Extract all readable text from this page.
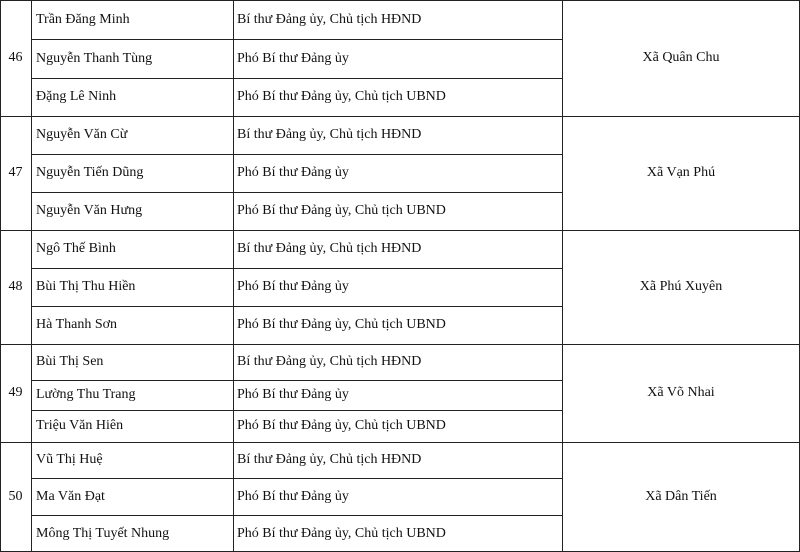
46	Xã Quân Chu
Trần Đăng Minh	Bí thư Đảng ủy, Chủ tịch HĐND
Nguyễn Thanh Tùng	Phó Bí thư Đảng ủy
Đặng Lê Ninh	Phó Bí thư Đảng ủy, Chủ tịch UBND
47	Xã Vạn Phú
Nguyễn Văn Cừ	Bí thư Đảng ủy, Chủ tịch HĐND
Nguyễn Tiến Dũng	Phó Bí thư Đảng ủy
Nguyễn Văn Hưng	Phó Bí thư Đảng ủy, Chủ tịch UBND
48	Xã Phú Xuyên
Ngô Thế Bình	Bí thư Đảng ủy, Chủ tịch HĐND
Bùi Thị Thu Hiền	Phó Bí thư Đảng ủy
Hà Thanh Sơn	Phó Bí thư Đảng ủy, Chủ tịch UBND
49	Xã Võ Nhai
Bùi Thị Sen	Bí thư Đảng ủy, Chủ tịch HĐND
Lường Thu Trang	Phó Bí thư Đảng ủy
Triệu Văn Hiên	Phó Bí thư Đảng ủy, Chủ tịch UBND
50	Xã Dân Tiến
Vũ Thị Huệ	Bí thư Đảng ủy, Chủ tịch HĐND
Ma Văn Đạt	Phó Bí thư Đảng ủy
Mông Thị Tuyết Nhung	Phó Bí thư Đảng ủy, Chủ tịch UBND
